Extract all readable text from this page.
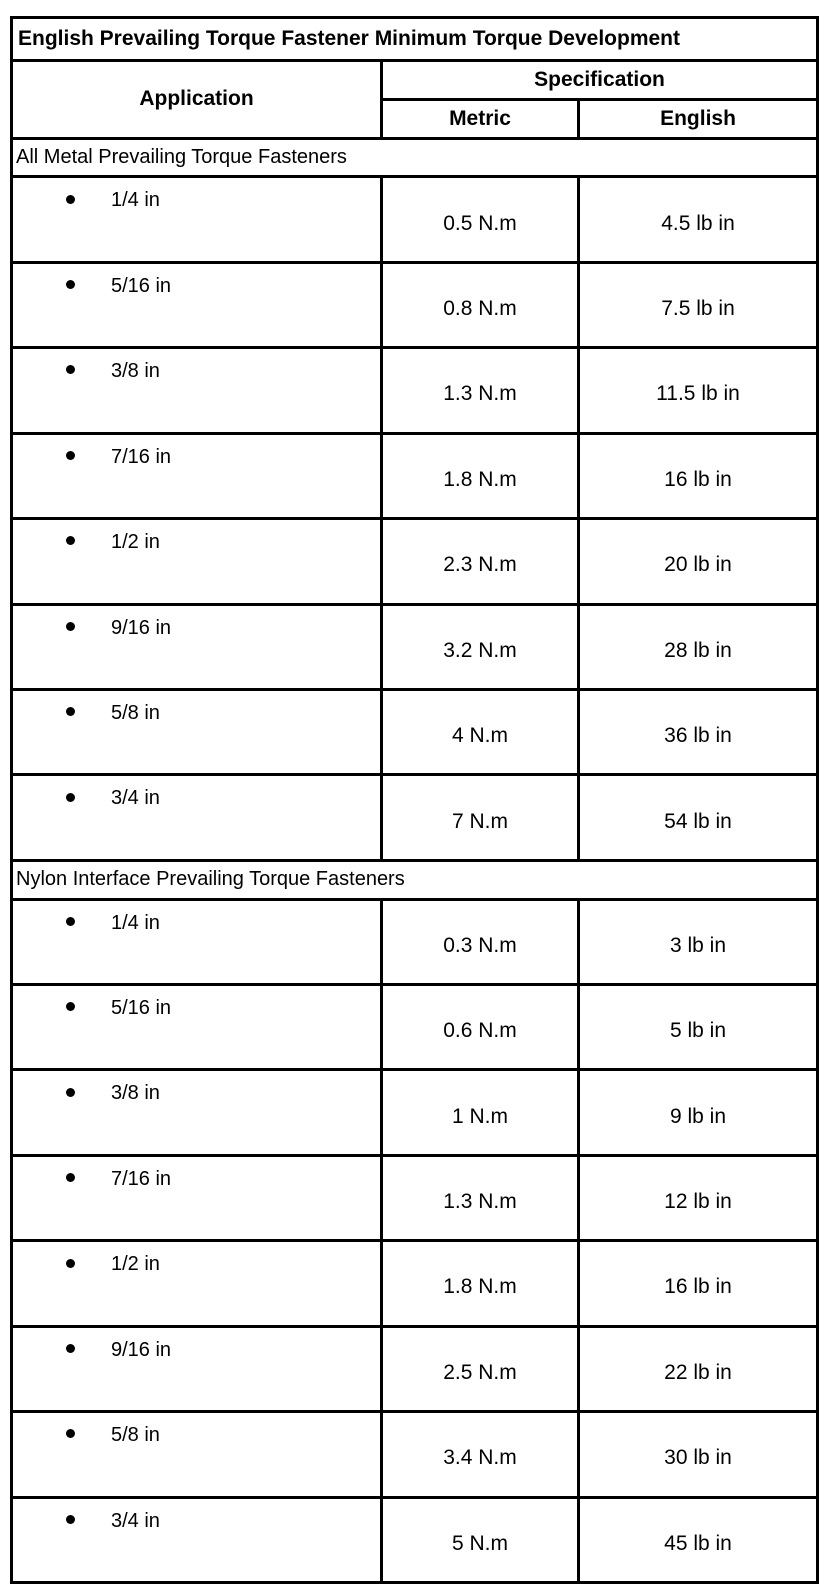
English Prevailing Torque Fastener Minimum Torque Development		
Application	Specification	
	Metric	English
All Metal Prevailing Torque Fasteners		
1/4 in	0.5 N.m	4.5 lb in
5/16 in	0.8 N.m	7.5 lb in
3/8 in	1.3 N.m	11.5 lb in
7/16 in	1.8 N.m	16 lb in
1/2 in	2.3 N.m	20 lb in
9/16 in	3.2 N.m	28 lb in
5/8 in	4 N.m	36 lb in
3/4 in	7 N.m	54 lb in
Nylon Interface Prevailing Torque Fasteners		
1/4 in	0.3 N.m	3 lb in
5/16 in	0.6 N.m	5 lb in
3/8 in	1 N.m	9 lb in
7/16 in	1.3 N.m	12 lb in
1/2 in	1.8 N.m	16 lb in
9/16 in	2.5 N.m	22 lb in
5/8 in	3.4 N.m	30 lb in
3/4 in	5 N.m	45 lb in
